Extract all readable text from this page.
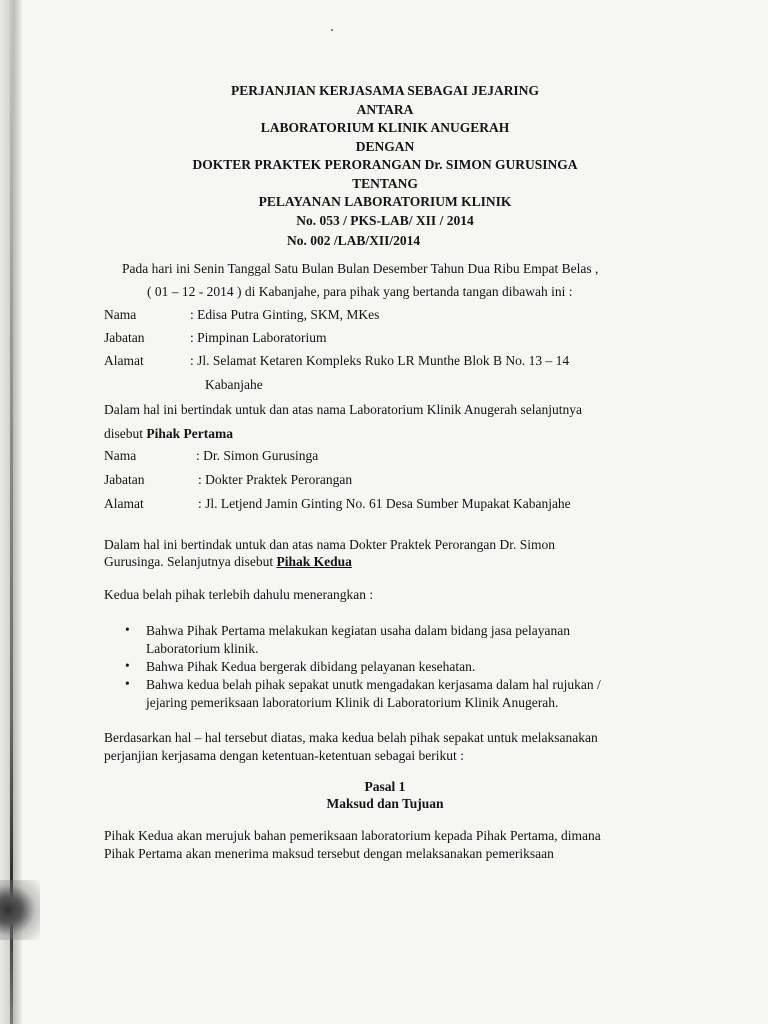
PERJANJIAN KERJASAMA SEBAGAI JEJARING
ANTARA
LABORATORIUM KLINIK ANUGERAH
DENGAN
DOKTER PRAKTEK PERORANGAN Dr. SIMON GURUSINGA
TENTANG
PELAYANAN LABORATORIUM KLINIK
No. 053 / PKS-LAB/ XII / 2014
No. 002 /LAB/XII/2014
Pada hari ini Senin Tanggal Satu Bulan Bulan Desember Tahun Dua Ribu Empat Belas ,
( 01 – 12 - 2014 ) di Kabanjahe, para pihak yang bertanda tangan dibawah ini :
Nama	: Edisa Putra Ginting, SKM, MKes
Jabatan	: Pimpinan Laboratorium
Alamat	: Jl. Selamat Ketaren Kompleks Ruko LR Munthe Blok B No. 13 – 14
Kabanjahe
Dalam hal ini bertindak untuk dan atas nama Laboratorium Klinik Anugerah selanjutnya
disebut Pihak Pertama
Nama	: Dr. Simon Gurusinga
Jabatan	: Dokter Praktek Perorangan
Alamat	: Jl. Letjend Jamin Ginting No. 61 Desa Sumber Mupakat Kabanjahe
Dalam hal ini bertindak untuk dan atas nama Dokter Praktek Perorangan Dr. Simon
Gurusinga. Selanjutnya disebut Pihak Kedua
Kedua belah pihak terlebih dahulu menerangkan :
• Bahwa Pihak Pertama melakukan kegiatan usaha dalam bidang jasa pelayanan
Laboratorium klinik.
• Bahwa Pihak Kedua bergerak dibidang pelayanan kesehatan.
• Bahwa kedua belah pihak sepakat unutk mengadakan kerjasama dalam hal rujukan /
jejaring pemeriksaan laboratorium Klinik di Laboratorium Klinik Anugerah.
Berdasarkan hal – hal tersebut diatas, maka kedua belah pihak sepakat untuk melaksanakan
perjanjian kerjasama dengan ketentuan-ketentuan sebagai berikut :
Pasal 1
Maksud dan Tujuan
Pihak Kedua akan merujuk bahan pemeriksaan laboratorium kepada Pihak Pertama, dimana
Pihak Pertama akan menerima maksud tersebut dengan melaksanakan pemeriksaan
